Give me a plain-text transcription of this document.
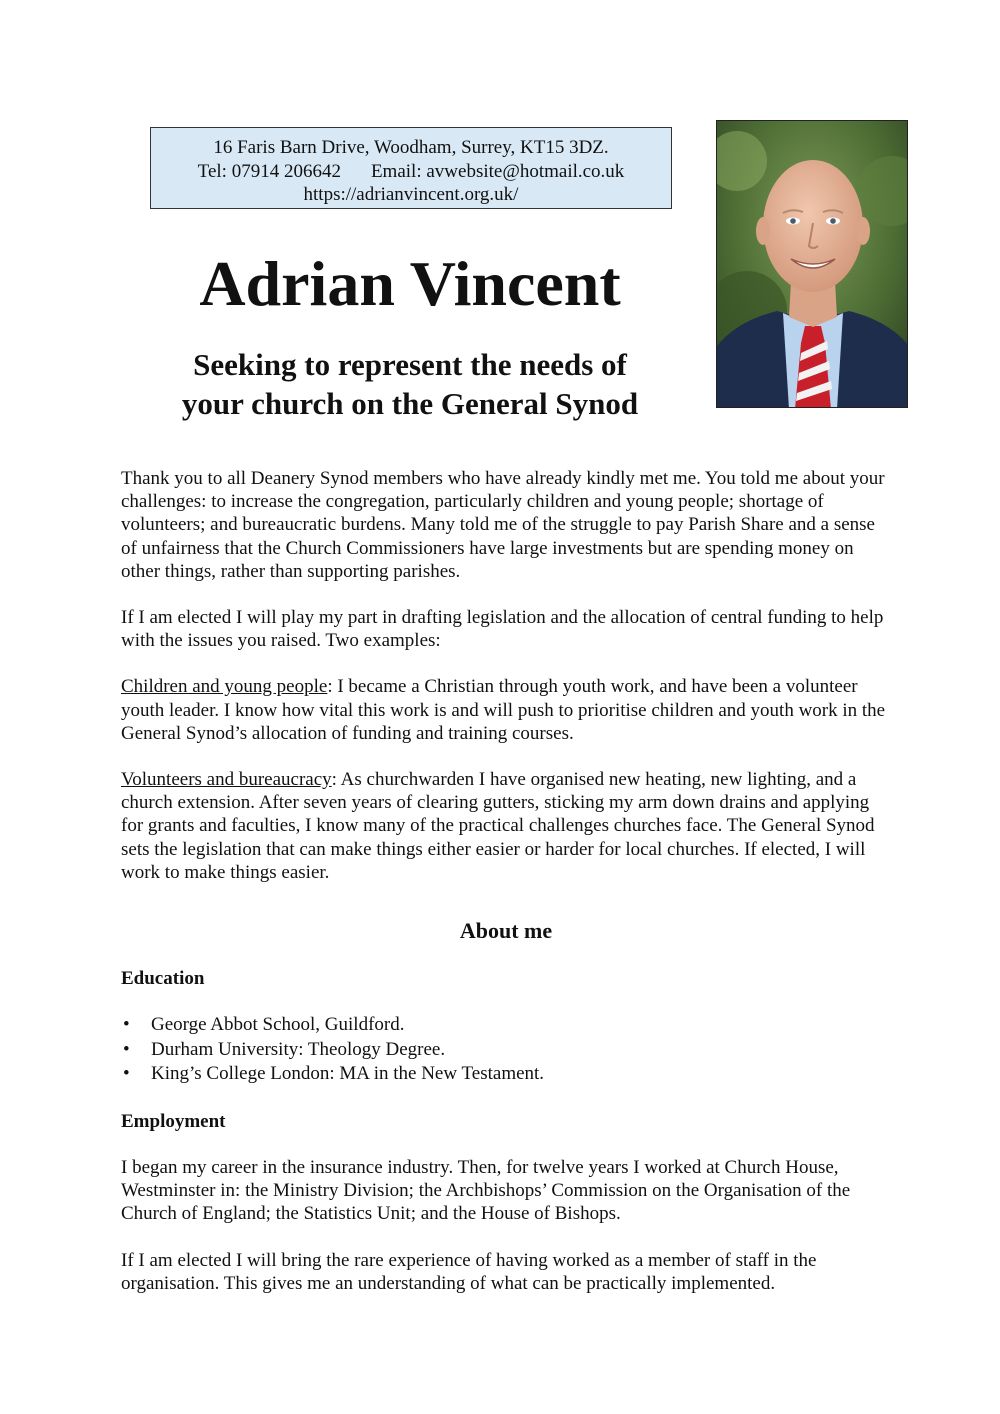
16 Faris Barn Drive, Woodham, Surrey, KT15 3DZ.
Tel: 07914 206642 Email: avwebsite@hotmail.co.uk
https://adrianvincent.org.uk/
Adrian Vincent
Seeking to represent the needs of
your church on the General Synod

Thank you to all Deanery Synod members who have already kindly met me. You told me about your challenges: to increase the congregation, particularly children and young people; shortage of volunteers; and bureaucratic burdens. Many told me of the struggle to pay Parish Share and a sense of unfairness that the Church Commissioners have large investments but are spending money on other things, rather than supporting parishes.

If I am elected I will play my part in drafting legislation and the allocation of central funding to help with the issues you raised. Two examples:

Children and young people: I became a Christian through youth work, and have been a volunteer youth leader. I know how vital this work is and will push to prioritise children and youth work in the General Synod’s allocation of funding and training courses.

Volunteers and bureaucracy: As churchwarden I have organised new heating, new lighting, and a church extension. After seven years of clearing gutters, sticking my arm down drains and applying for grants and faculties, I know many of the practical challenges churches face. The General Synod sets the legislation that can make things either easier or harder for local churches. If elected, I will work to make things easier.

About me
Education
• George Abbot School, Guildford.
• Durham University: Theology Degree.
• King’s College London: MA in the New Testament.
Employment

I began my career in the insurance industry. Then, for twelve years I worked at Church House, Westminster in: the Ministry Division; the Archbishops’ Commission on the Organisation of the Church of England; the Statistics Unit; and the House of Bishops.

If I am elected I will bring the rare experience of having worked as a member of staff in the organisation. This gives me an understanding of what can be practically implemented.
